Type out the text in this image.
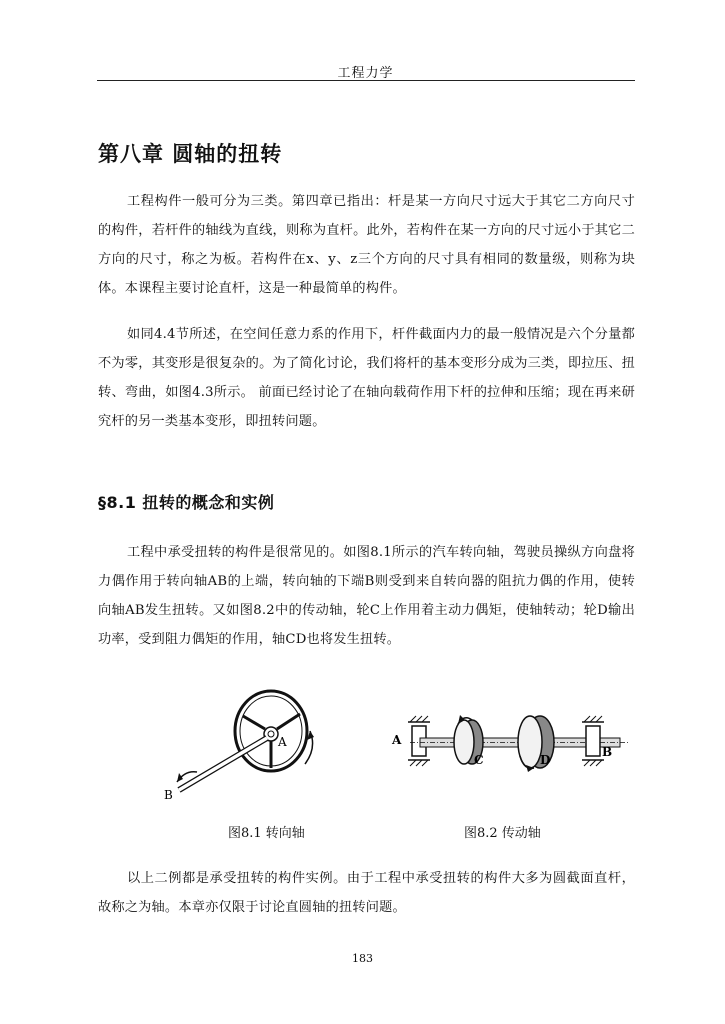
工程力学
第八章 圆轴的扭转

工程构件一般可分为三类。第四章已指出：杆是某一方向尺寸远大于其它二方向尺寸的构件，若杆件的轴线为直线，则称为直杆。此外，若构件在某一方向的尺寸远小于其它二方向的尺寸，称之为板。若构件在x、y、z三个方向的尺寸具有相同的数量级，则称为块体。本课程主要讨论直杆，这是一种最简单的构件。

如同4.4节所述，在空间任意力系的作用下，杆件截面内力的最一般情况是六个分量都不为零，其变形是很复杂的。为了简化讨论，我们将杆的基本变形分成为三类，即拉压、扭转、弯曲，如图4.3所示。 前面已经讨论了在轴向载荷作用下杆的拉伸和压缩；现在再来研究杆的另一类基本变形，即扭转问题。

§8.1 扭转的概念和实例

工程中承受扭转的构件是很常见的。如图8.1所示的汽车转向轴，驾驶员操纵方向盘将力偶作用于转向轴AB的上端，转向轴的下端B则受到来自转向器的阻抗力偶的作用，使转向轴AB发生扭转。又如图8.2中的传动轴，轮C上作用着主动力偶矩，使轴转动；轮D输出功率，受到阻力偶矩的作用，轴CD也将发生扭转。

A
B
图8.1 转向轴
A
B
C	D
图8.2 传动轴

以上二例都是承受扭转的构件实例。由于工程中承受扭转的构件大多为圆截面直杆，故称之为轴。本章亦仅限于讨论直圆轴的扭转问题。

183
